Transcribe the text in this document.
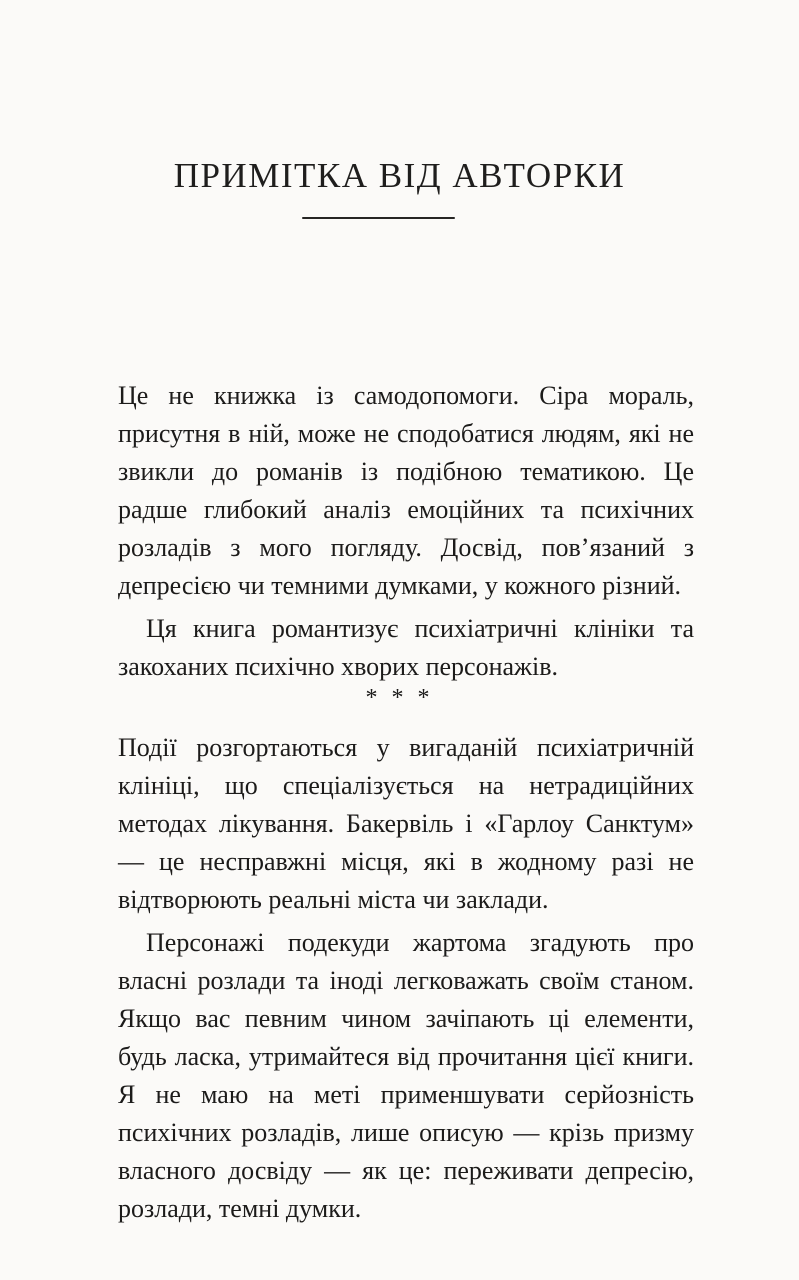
ПРИМІТКА ВІД АВТОРКИ

Це не книжка із самодопомоги. Сіра мораль, присутня в ній, може не сподобатися людям, які не звикли до романів із подібною тематикою. Це радше глибокий аналіз емоційних та психічних розладів з мого погляду. Досвід, пов’язаний з депресією чи темними думками, у кожного різний.

Ця книга романтизує психіатричні клініки та закоханих психічно хворих персонажів.

* * *

Події розгортаються у вигаданій психіатричній клініці, що спеціалізується на нетрадиційних методах лікування. Бакервіль і «Гарлоу Санктум» — це несправжні місця, які в жодному разі не відтворюють реальні міста чи заклади.

Персонажі подекуди жартома згадують про власні розлади та іноді легковажать своїм станом. Якщо вас певним чином зачіпають ці елементи, будь ласка, утримайтеся від прочитання цієї книги. Я не маю на меті применшувати серйозність психічних розладів, лише описую — крізь призму власного досвіду — як це: переживати депресію, розлади, темні думки.
